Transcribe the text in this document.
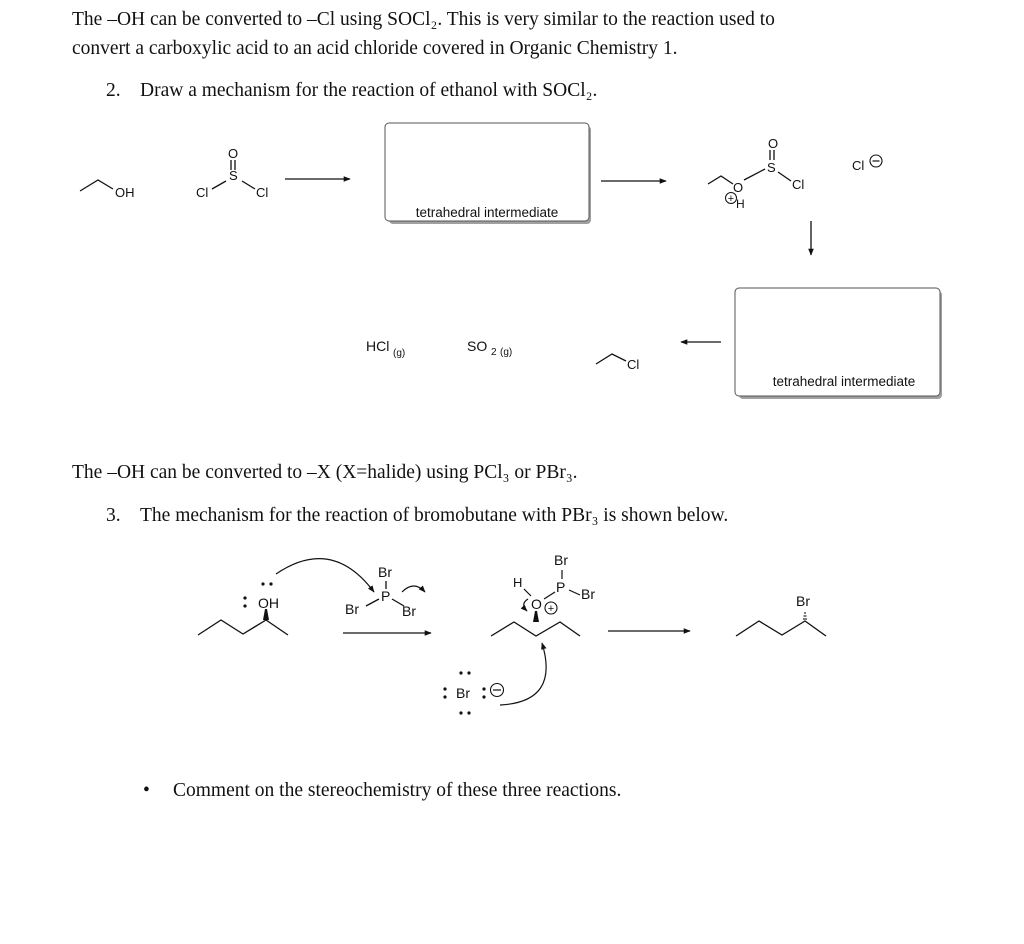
The –OH can be converted to –Cl using SOCl₂. This is very similar to the reaction used to

convert a carboxylic acid to an acid chloride covered in Organic Chemistry 1.

2. Draw a mechanism for the reaction of ethanol with SOCl₂.

The –OH can be converted to –X (X=halide) using PCl₃ or PBr₃.

3. The mechanism for the reaction of bromobutane with PBr₃ is shown below.

• Comment on the stereochemistry of these three reactions.
OH
O
S
Cl	Cl
tetrahedral intermediate
O
H
+
O
S
Cl
Cl
tetrahedral intermediate
Cl
HCl (g)	SO 2 (g)
OH
Br
P
Br	Br
H
O
P
Br
Br
+
Br
Br
